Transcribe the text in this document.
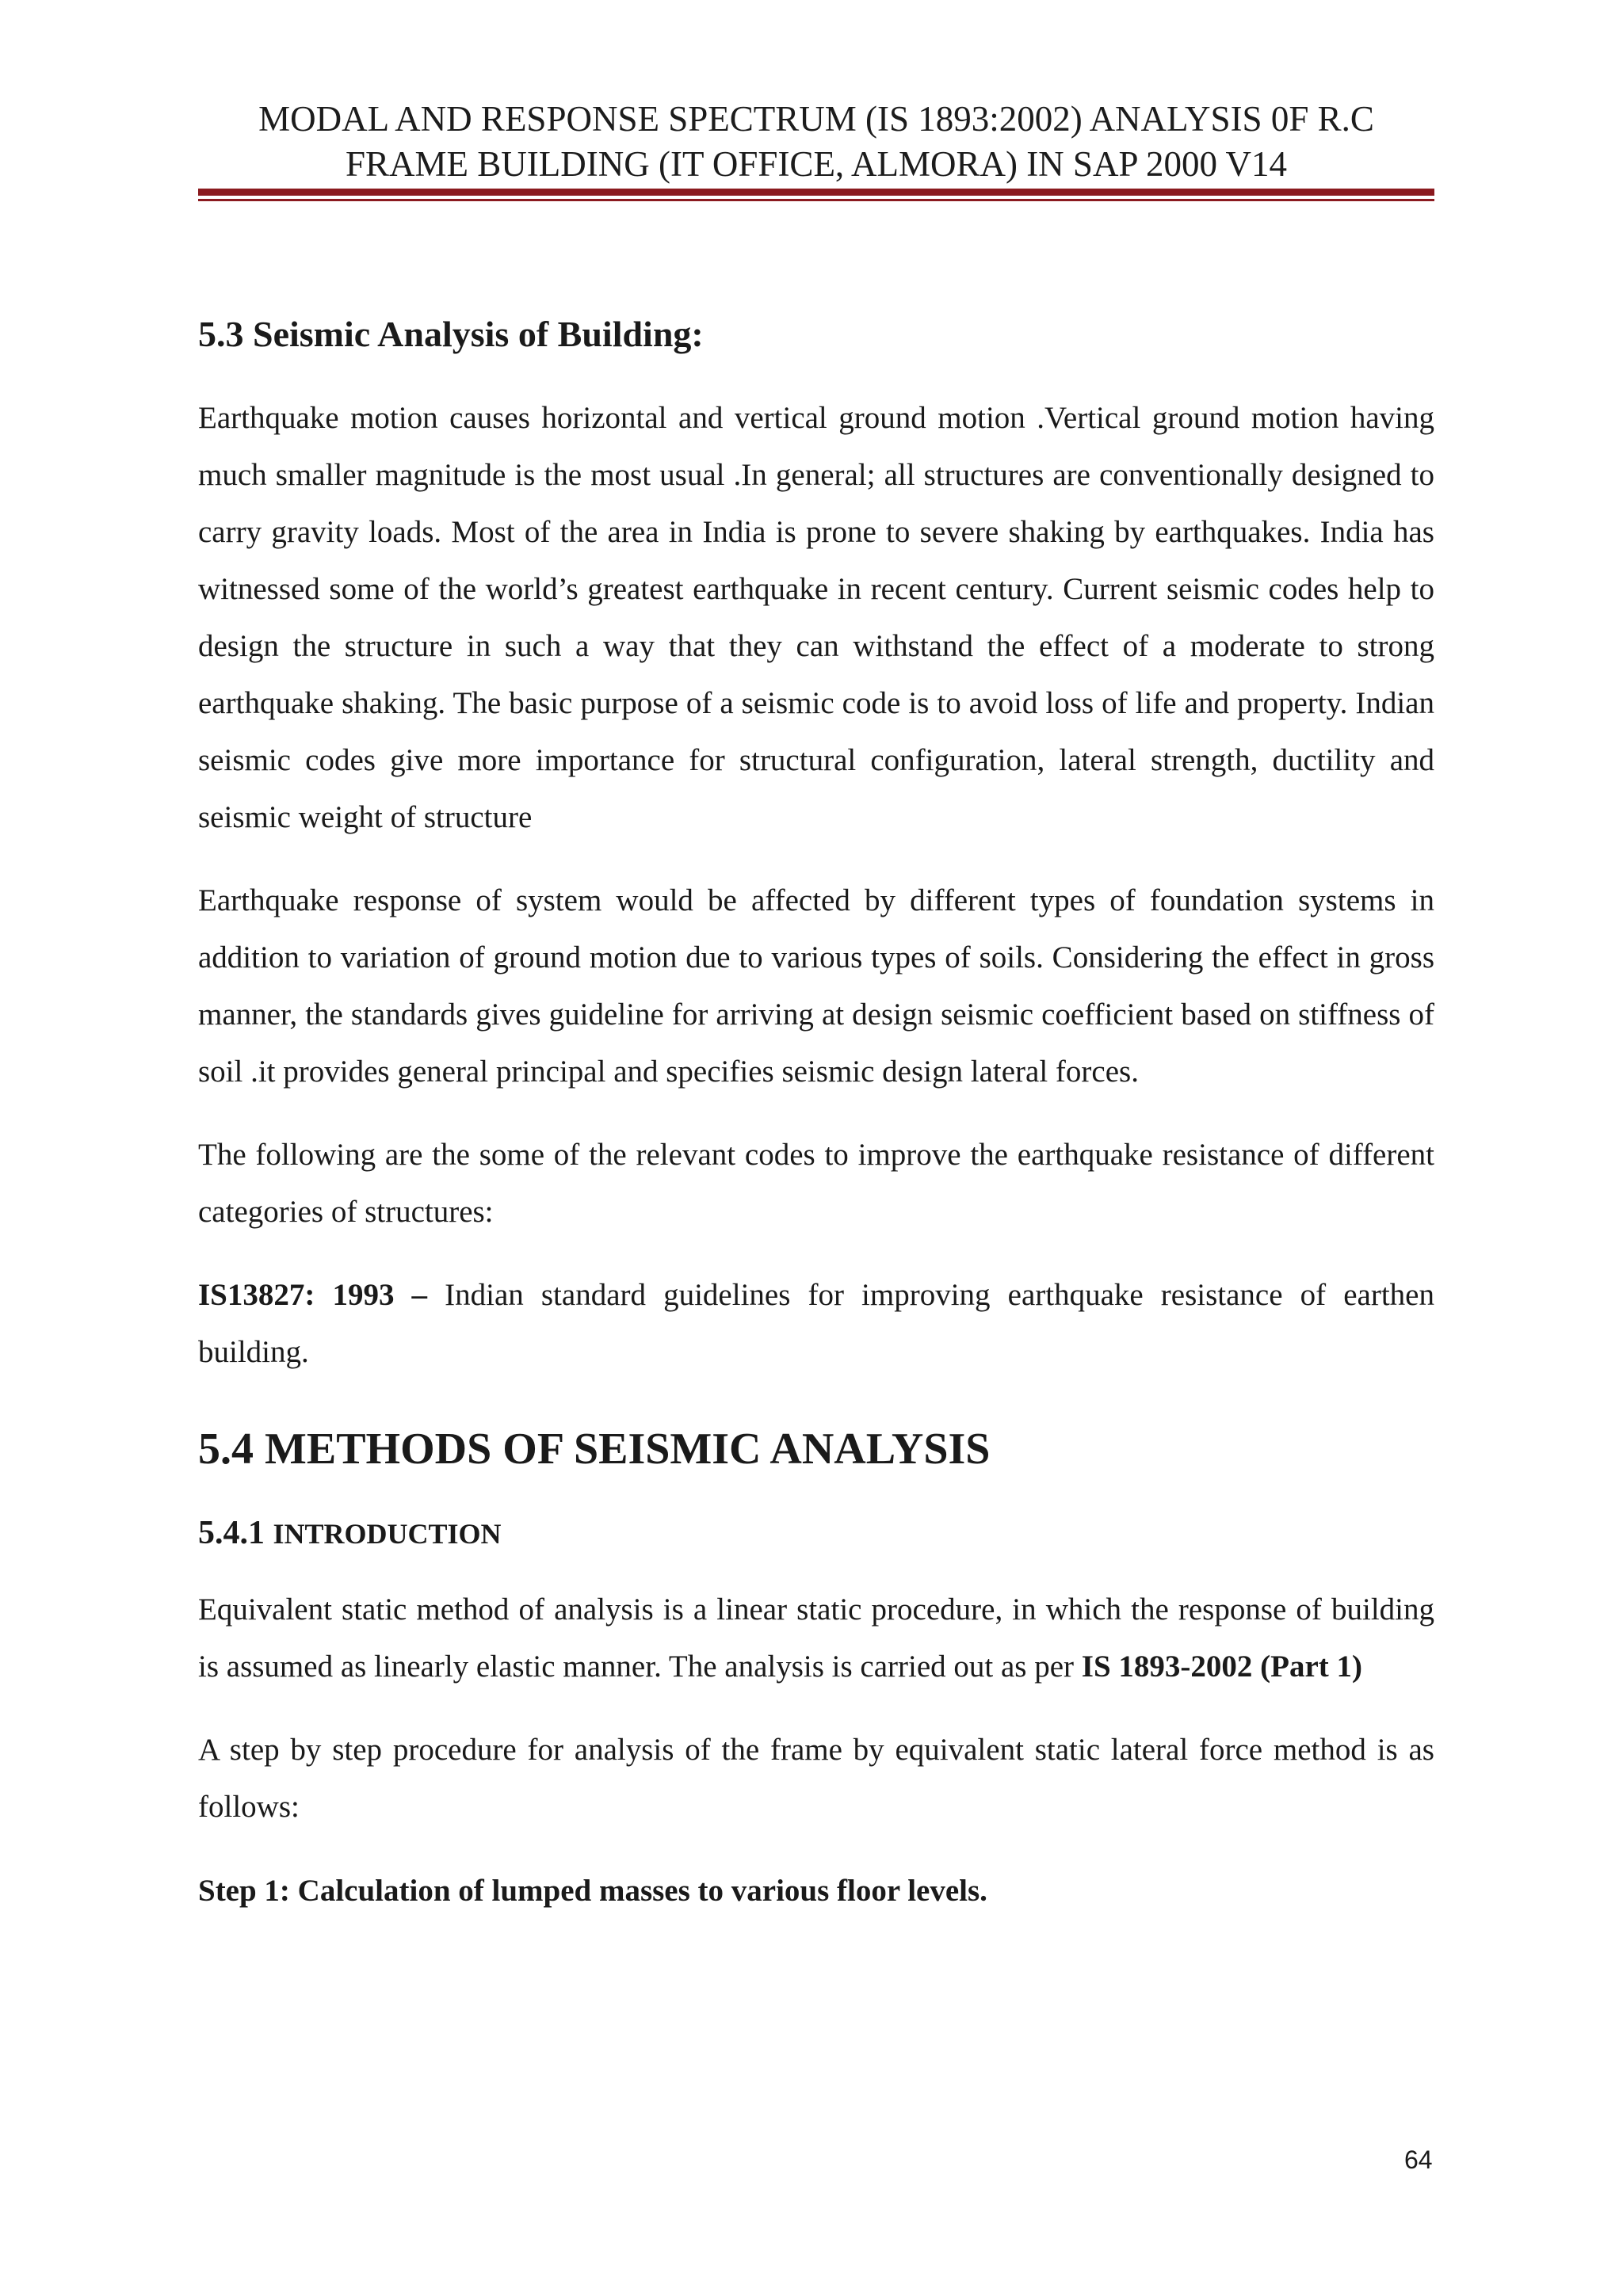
MODAL AND RESPONSE SPECTRUM (IS 1893:2002) ANALYSIS 0F R.C
FRAME BUILDING (IT OFFICE, ALMORA) IN SAP 2000 V14
5.3 Seismic Analysis of Building:

Earthquake motion causes horizontal and vertical ground motion .Vertical ground motion having much smaller magnitude is the most usual .In general; all structures are conventionally designed to carry gravity loads. Most of the area in India is prone to severe shaking by earthquakes. India has witnessed some of the world’s greatest earthquake in recent century. Current seismic codes help to design the structure in such a way that they can withstand the effect of a moderate to strong earthquake shaking. The basic purpose of a seismic code is to avoid loss of life and property. Indian seismic codes give more importance for structural configuration, lateral strength, ductility and seismic weight of structure

Earthquake response of system would be affected by different types of foundation systems in addition to variation of ground motion due to various types of soils. Considering the effect in gross manner, the standards gives guideline for arriving at design seismic coefficient based on stiffness of soil .it provides general principal and specifies seismic design lateral forces.

The following are the some of the relevant codes to improve the earthquake resistance of different categories of structures:

IS13827: 1993 – Indian standard guidelines for improving earthquake resistance of earthen building.

5.4 METHODS OF SEISMIC ANALYSIS
5.4.1 INTRODUCTION

Equivalent static method of analysis is a linear static procedure, in which the response of building is assumed as linearly elastic manner. The analysis is carried out as per IS 1893-2002 (Part 1)

A step by step procedure for analysis of the frame by equivalent static lateral force method is as follows:

Step 1: Calculation of lumped masses to various floor levels.
64
